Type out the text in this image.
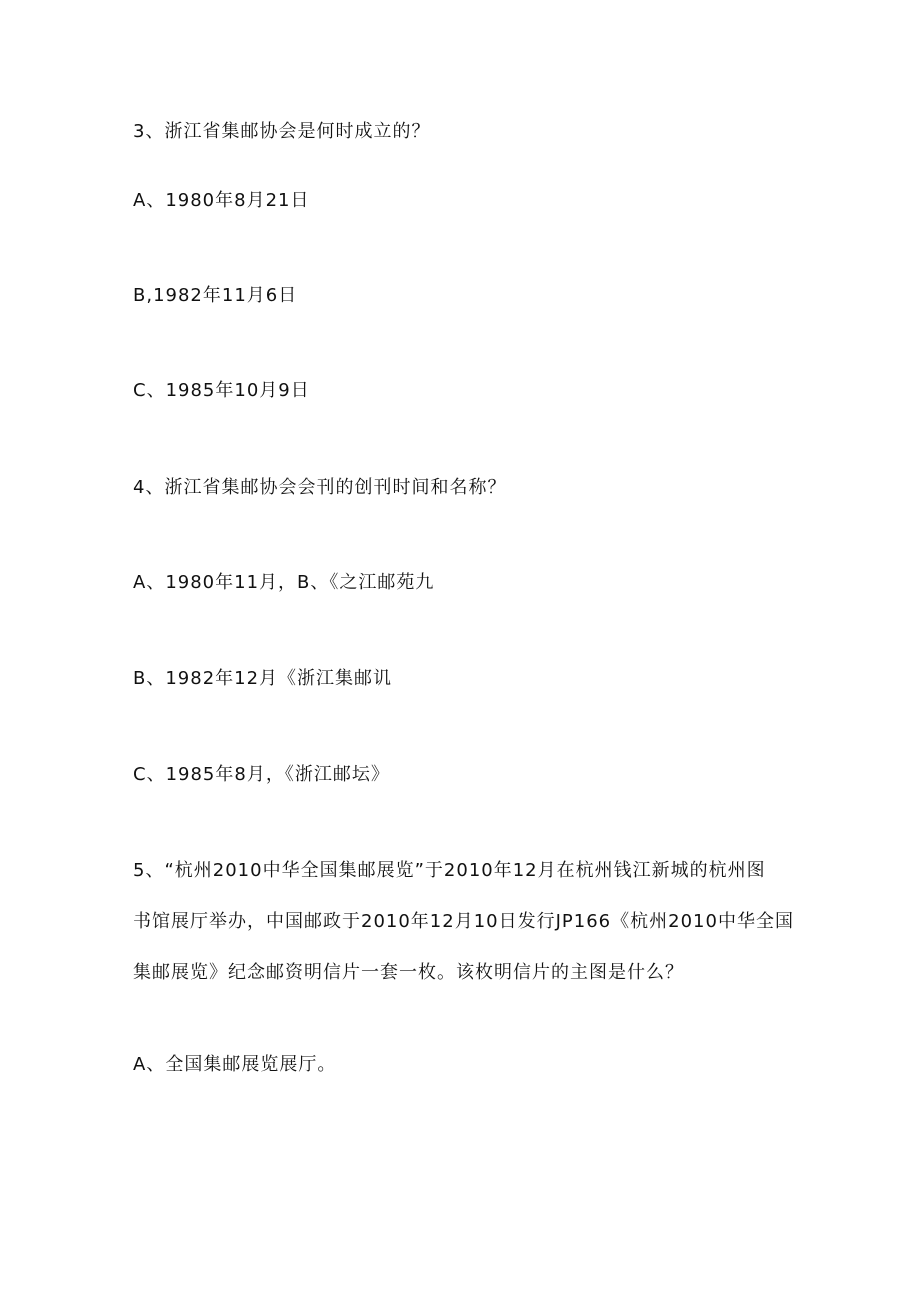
3、浙江省集邮协会是何时成立的？
A、1980年8月21日
B,1982年11月6日
C、1985年10月9日
4、浙江省集邮协会会刊的创刊时间和名称？
A、1980年11月，B、《之江邮苑九
B、1982年12月《浙江集邮讥
C、1985年8月，《浙江邮坛》
5、“杭州2010中华全国集邮展览”于2010年12月在杭州钱江新城的杭州图
书馆展厅举办，中国邮政于2010年12月10日发行JP166《杭州2010中华全国
集邮展览》纪念邮资明信片一套一枚。该枚明信片的主图是什么？
A、全国集邮展览展厅。
